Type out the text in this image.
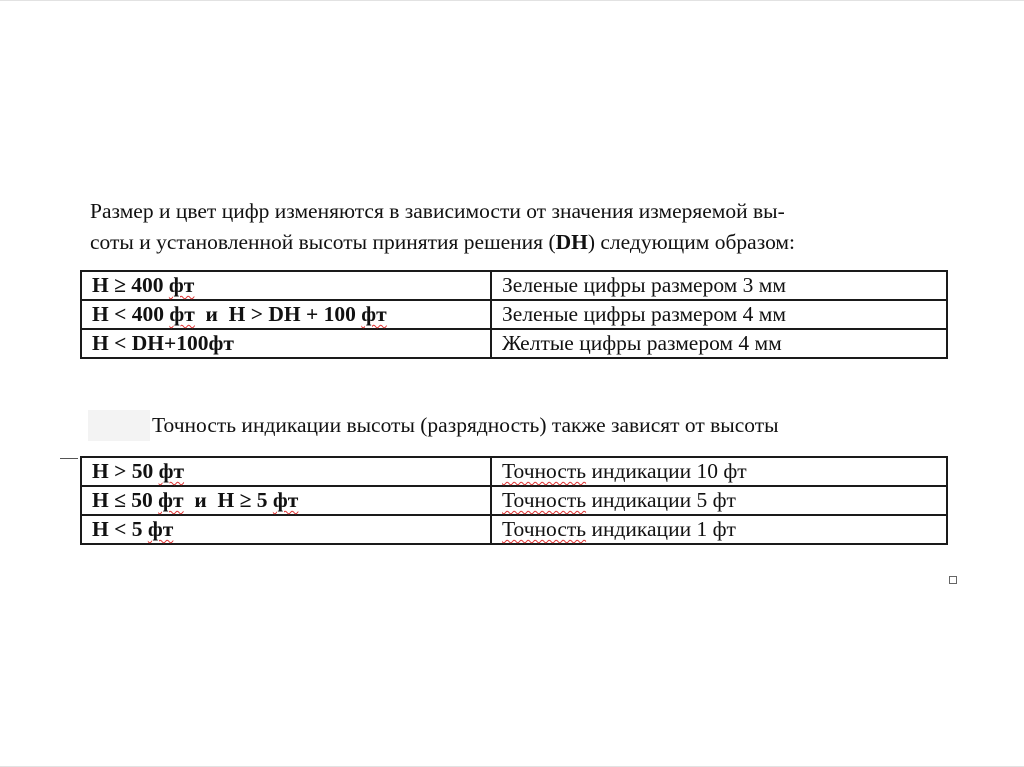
Размер и цвет цифр изменяются в зависимости от значения измеряемой вы-
соты и установленной высоты принятия решения (DH) следующим образом:

H ≥ 400 фт	Зеленые цифры размером 3 мм
H < 400 фт  и  H > DH + 100 фт	Зеленые цифры размером 4 мм
H < DH+100фт	Желтые цифры размером 4 мм
Точность индикации высоты (разрядность) также зависят от высоты
H > 50 фт	Точность индикации 10 фт
H ≤ 50 фт  и  H ≥ 5 фт	Точность индикации 5 фт
H < 5 фт	Точность индикации 1 фт
